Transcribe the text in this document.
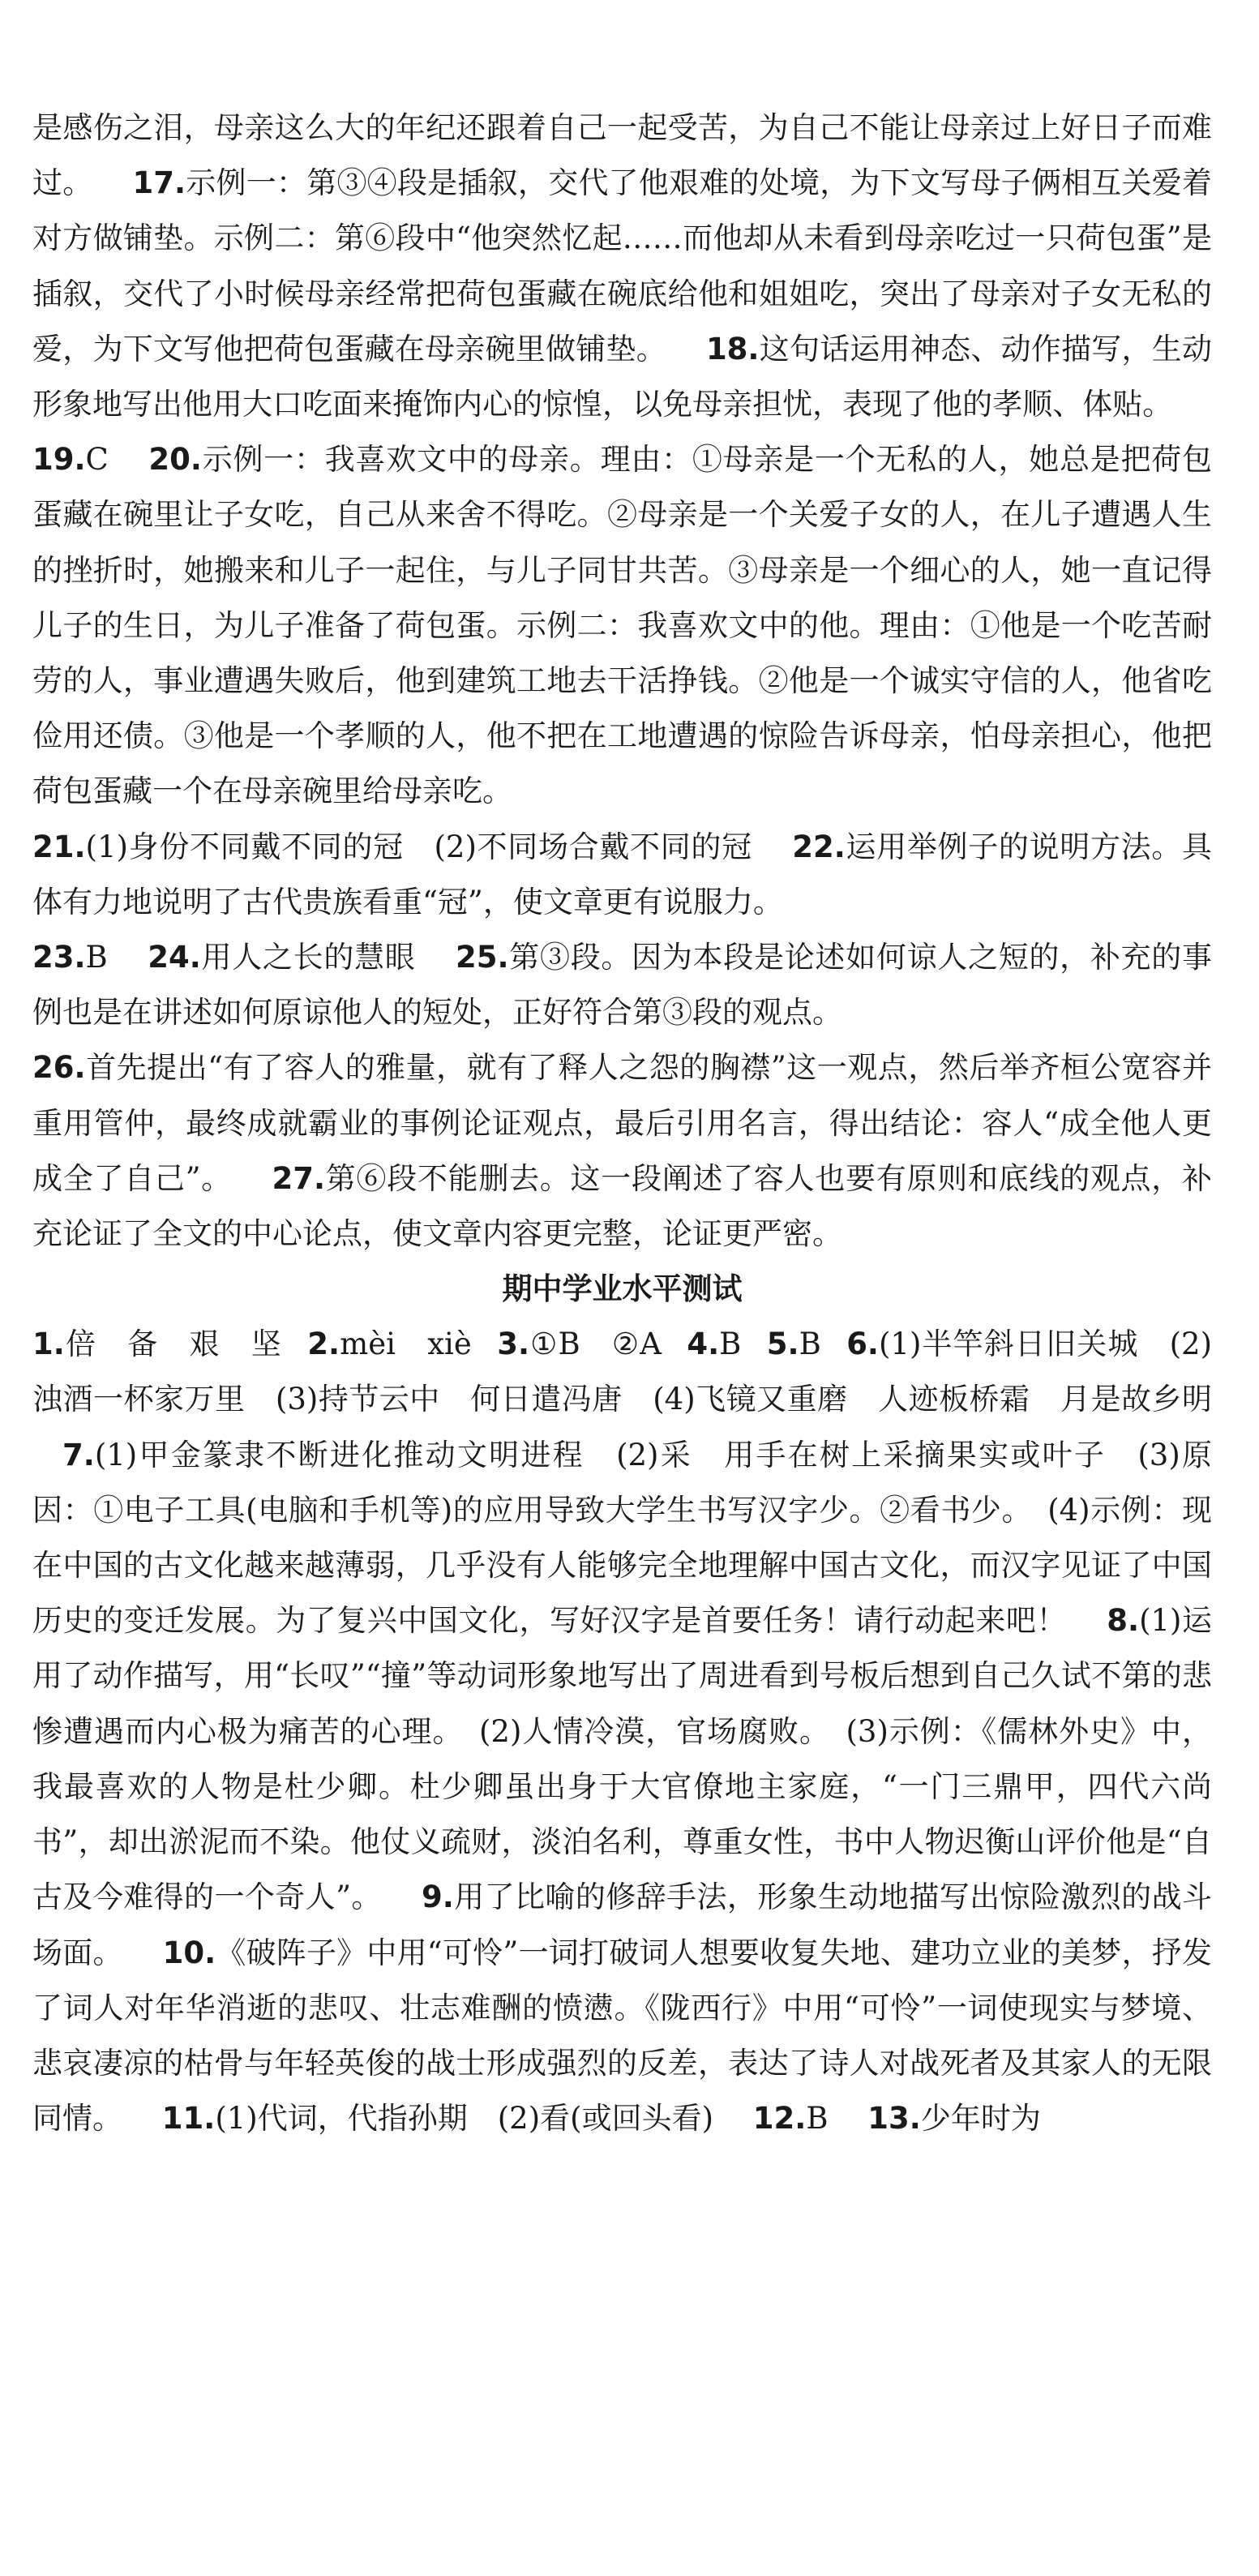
是感伤之泪，母亲这么大的年纪还跟着自己一起受苦，为自己不能让母亲过上好日子而难过。   17.示例一：第③④段是插叙，交代了他艰难的处境，为下文写母子俩相互关爱着对方做铺垫。示例二：第⑥段中“他突然忆起……而他却从未看到母亲吃过一只荷包蛋”是插叙，交代了小时候母亲经常把荷包蛋藏在碗底给他和姐姐吃，突出了母亲对子女无私的爱，为下文写他把荷包蛋藏在母亲碗里做铺垫。   18.这句话运用神态、动作描写，生动形象地写出他用大口吃面来掩饰内心的惊惶，以免母亲担忧，表现了他的孝顺、体贴。  19.C   20.示例一：我喜欢文中的母亲。理由：①母亲是一个无私的人，她总是把荷包蛋藏在碗里让子女吃，自己从来舍不得吃。②母亲是一个关爱子女的人，在儿子遭遇人生的挫折时，她搬来和儿子一起住，与儿子同甘共苦。③母亲是一个细心的人，她一直记得儿子的生日，为儿子准备了荷包蛋。示例二：我喜欢文中的他。理由：①他是一个吃苦耐劳的人，事业遭遇失败后，他到建筑工地去干活挣钱。②他是一个诚实守信的人，他省吃俭用还债。③他是一个孝顺的人，他不把在工地遭遇的惊险告诉母亲，怕母亲担心，他把荷包蛋藏一个在母亲碗里给母亲吃。

21.(1)身份不同戴不同的冠　(2)不同场合戴不同的冠   22.运用举例子的说明方法。具体有力地说明了古代贵族看重“冠”，使文章更有说服力。

23.B   24.用人之长的慧眼   25.第③段。因为本段是论述如何谅人之短的，补充的事例也是在讲述如何原谅他人的短处，正好符合第③段的观点。

26.首先提出“有了容人的雅量，就有了释人之怨的胸襟”这一观点，然后举齐桓公宽容并重用管仲，最终成就霸业的事例论证观点，最后引用名言，得出结论：容人“成全他人更成全了自己”。   27.第⑥段不能删去。这一段阐述了容人也要有原则和底线的观点，补充论证了全文的中心论点，使文章内容更完整，论证更严密。

期中学业水平测试

1.倍　备　艰　坚   2.mèi　xiè   3.①B　②A   4.B   5.B   6.(1)半竿斜日旧关城　(2)浊酒一杯家万里　(3)持节云中　何日遣冯唐　(4)飞镜又重磨　人迹板桥霜　月是故乡明  7.(1)甲金篆隶不断进化推动文明进程　(2)采　用手在树上采摘果实或叶子　(3)原因：①电子工具(电脑和手机等)的应用导致大学生书写汉字少。②看书少。　(4)示例：现在中国的古文化越来越薄弱，几乎没有人能够完全地理解中国古文化，而汉字见证了中国历史的变迁发展。为了复兴中国文化，写好汉字是首要任务！请行动起来吧！   8.(1)运用了动作描写，用“长叹”“撞”等动词形象地写出了周进看到号板后想到自己久试不第的悲惨遭遇而内心极为痛苦的心理。　(2)人情冷漠，官场腐败。　(3)示例：《儒林外史》中，我最喜欢的人物是杜少卿。杜少卿虽出身于大官僚地主家庭，“一门三鼎甲，四代六尚书”，却出淤泥而不染。他仗义疏财，淡泊名利，尊重女性，书中人物迟衡山评价他是“自古及今难得的一个奇人”。   9.用了比喻的修辞手法，形象生动地描写出惊险激烈的战斗场面。   10.《破阵子》中用“可怜”一词打破词人想要收复失地、建功立业的美梦，抒发了词人对年华消逝的悲叹、壮志难酬的愤懑。《陇西行》中用“可怜”一词使现实与梦境、悲哀凄凉的枯骨与年轻英俊的战士形成强烈的反差，表达了诗人对战死者及其家人的无限同情。   11.(1)代词，代指孙期　(2)看(或回头看)   12.B   13.少年时为
